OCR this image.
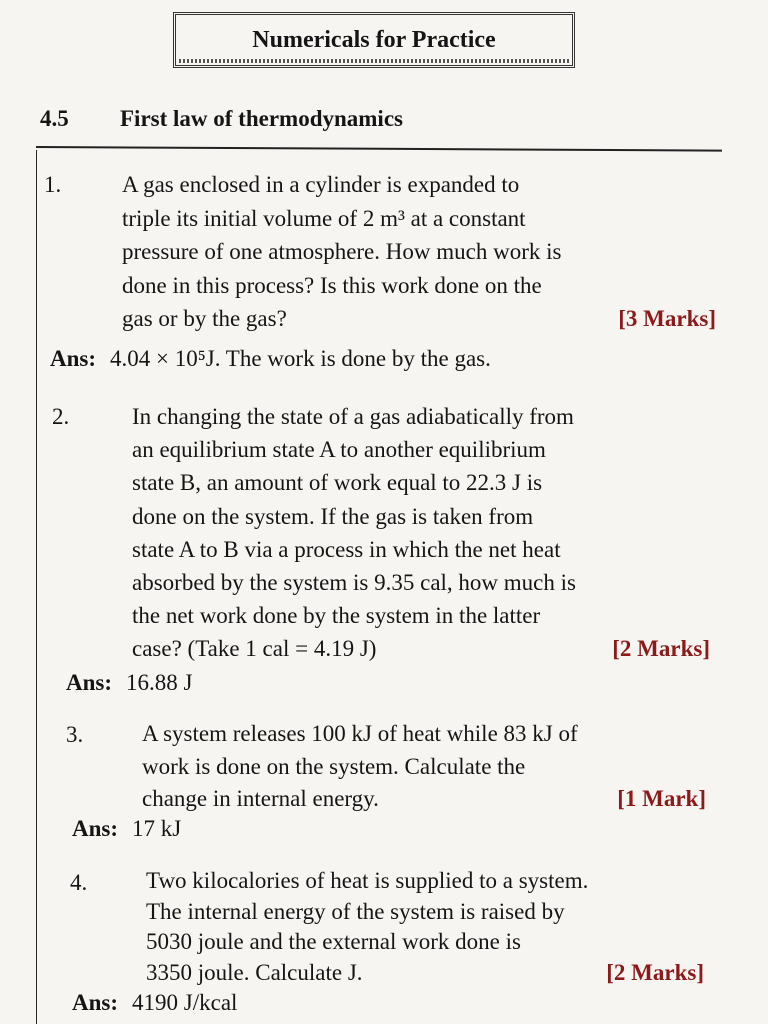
Numericals for Practice
4.5	First law of thermodynamics
1.	A gas enclosed in a cylinder is expanded to

triple its initial volume of 2 m³ at a constant

pressure of one atmosphere. How much work is

done in this process? Is this work done on the

gas or by the gas?	[3 Marks]

Ans: 4.04 × 10⁵J. The work is done by the gas.
2.	In changing the state of a gas adiabatically from

an equilibrium state A to another equilibrium

state B, an amount of work equal to 22.3 J is

done on the system. If the gas is taken from

state A to B via a process in which the net heat

absorbed by the system is 9.35 cal, how much is

the net work done by the system in the latter

case? (Take 1 cal = 4.19 J)	[2 Marks]

Ans: 16.88 J
3.	A system releases 100 kJ of heat while 83 kJ of

work is done on the system. Calculate the

change in internal energy.	[1 Mark]

Ans: 17 kJ
4.	Two kilocalories of heat is supplied to a system.

The internal energy of the system is raised by

5030 joule and the external work done is

3350 joule. Calculate J.	[2 Marks]

Ans: 4190 J/kcal
